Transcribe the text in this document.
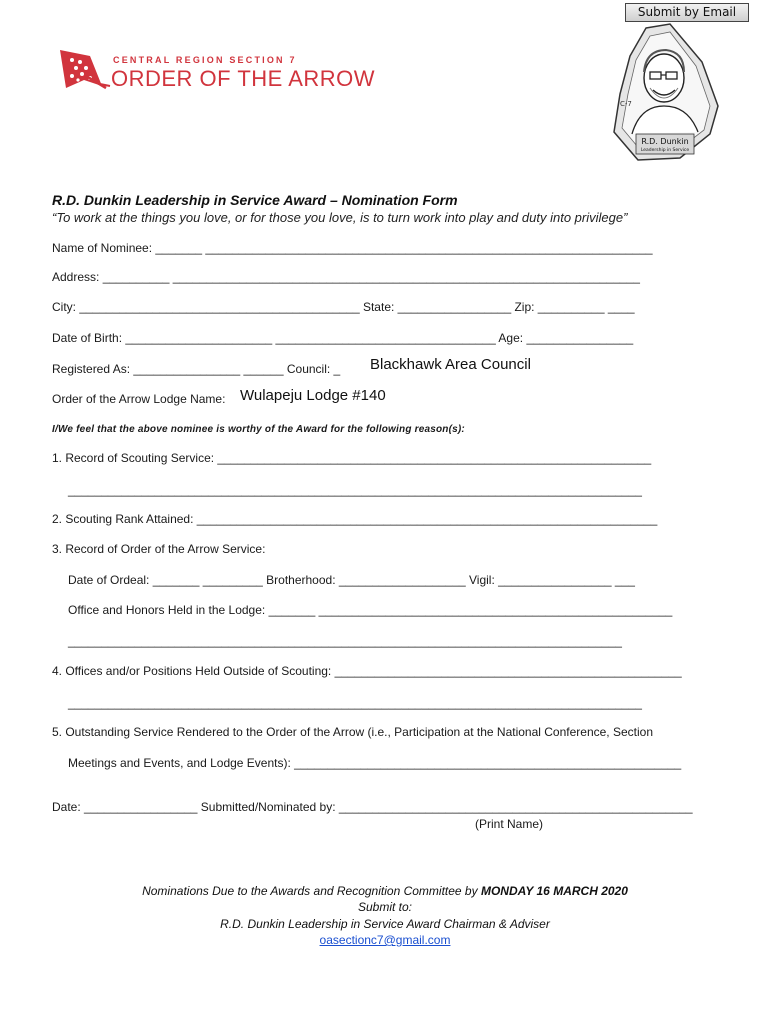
Submit by Email
CENTRAL REGION SECTION 7
ORDER OF THE ARROW
C-7
R.D. Dunkin
Leadership in Service
R.D. Dunkin Leadership in Service Award – Nomination Form
“To work at the things you love, or for those you love, is to turn work into play and duty into privilege”
Name of Nominee: _______ ___________________________________________________________________
Address: __________ ______________________________________________________________________
City: __________________________________________ State: _________________ Zip: __________ ____
Date of Birth: ______________________ _________________________________ Age: ________________
Registered As: ________________ ______ Council: _ Blackhawk Area Council
Order of the Arrow Lodge Name: Wulapeju Lodge #140
I/We feel that the above nominee is worthy of the Award for the following reason(s):
1. Record of Scouting Service: _________________________________________________________________
______________________________________________________________________________________
2. Scouting Rank Attained: _____________________________________________________________________
3. Record of Order of the Arrow Service:
Date of Ordeal: _______ _________ Brotherhood: ___________________ Vigil: _________________ ___
Office and Honors Held in the Lodge: _______ _____________________________________________________
___________________________________________________________________________________
4. Offices and/or Positions Held Outside of Scouting: ____________________________________________________
______________________________________________________________________________________
5. Outstanding Service Rendered to the Order of the Arrow (i.e., Participation at the National Conference, Section
Meetings and Events, and Lodge Events): __________________________________________________________
Date: _________________ Submitted/Nominated by: _____________________________________________________
(Print Name)
Nominations Due to the Awards and Recognition Committee by MONDAY 16 MARCH 2020
Submit to:
R.D. Dunkin Leadership in Service Award Chairman & Adviser
oasectionc7@gmail.com
